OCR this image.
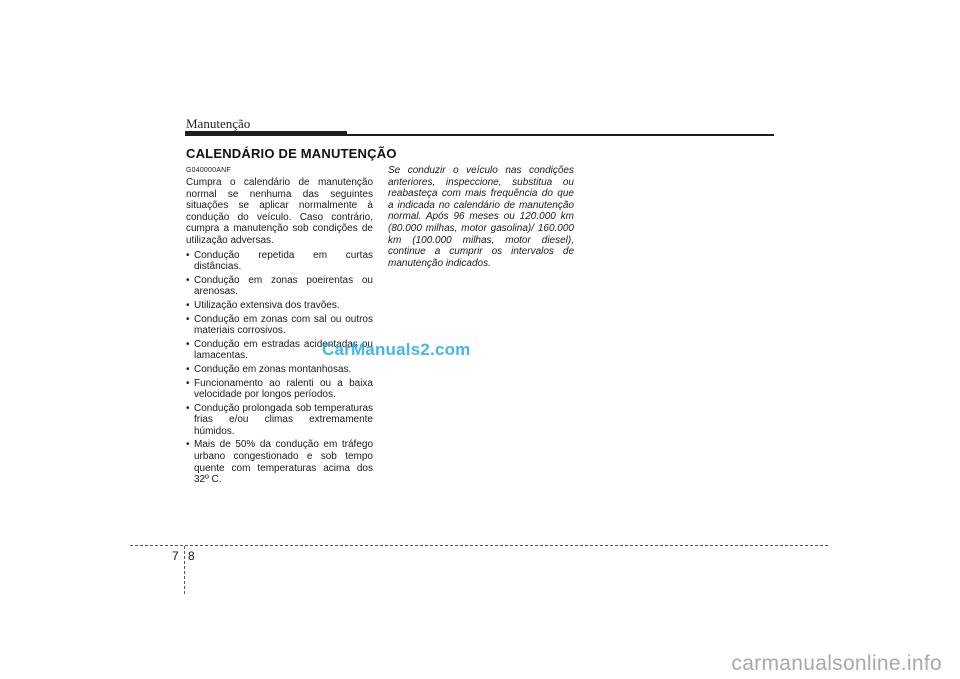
Manutenção
CALENDÁRIO DE MANUTENÇÃO
G040000ANF

Cumpra o calendário de manutenção normal se nenhuma das seguintes situações se aplicar normalmente à condução do veículo. Caso contrário, cumpra a manutenção sob condições de utilização adversas.

• Condução repetida em curtas distâncias.
• Condução em zonas poeirentas ou arenosas.
• Utilização extensiva dos travões.
• Condução em zonas com sal ou outros materiais corrosivos.
• Condução em estradas acidentadas ou lamacentas.
• Condução em zonas montanhosas.
• Funcionamento ao ralenti ou a baixa velocidade por longos períodos.
• Condução prolongada sob temperaturas frias e/ou climas extremamente húmidos.
• Mais de 50% da condução em tráfego urbano congestionado e sob tempo quente com temperaturas acima dos 32º C.
Se conduzir o veículo nas condições anteriores, inspeccione, substitua ou reabasteça com mais frequência do que a indicada no calendário de manutenção normal. Após 96 meses ou 120.000 km (80.000 milhas, motor gasolina)/ 160.000 km (100.000 milhas, motor diesel), continue a cumprir os intervalos de manutenção indicados.
CarManuals2.com
7 8
carmanualsonline.info
